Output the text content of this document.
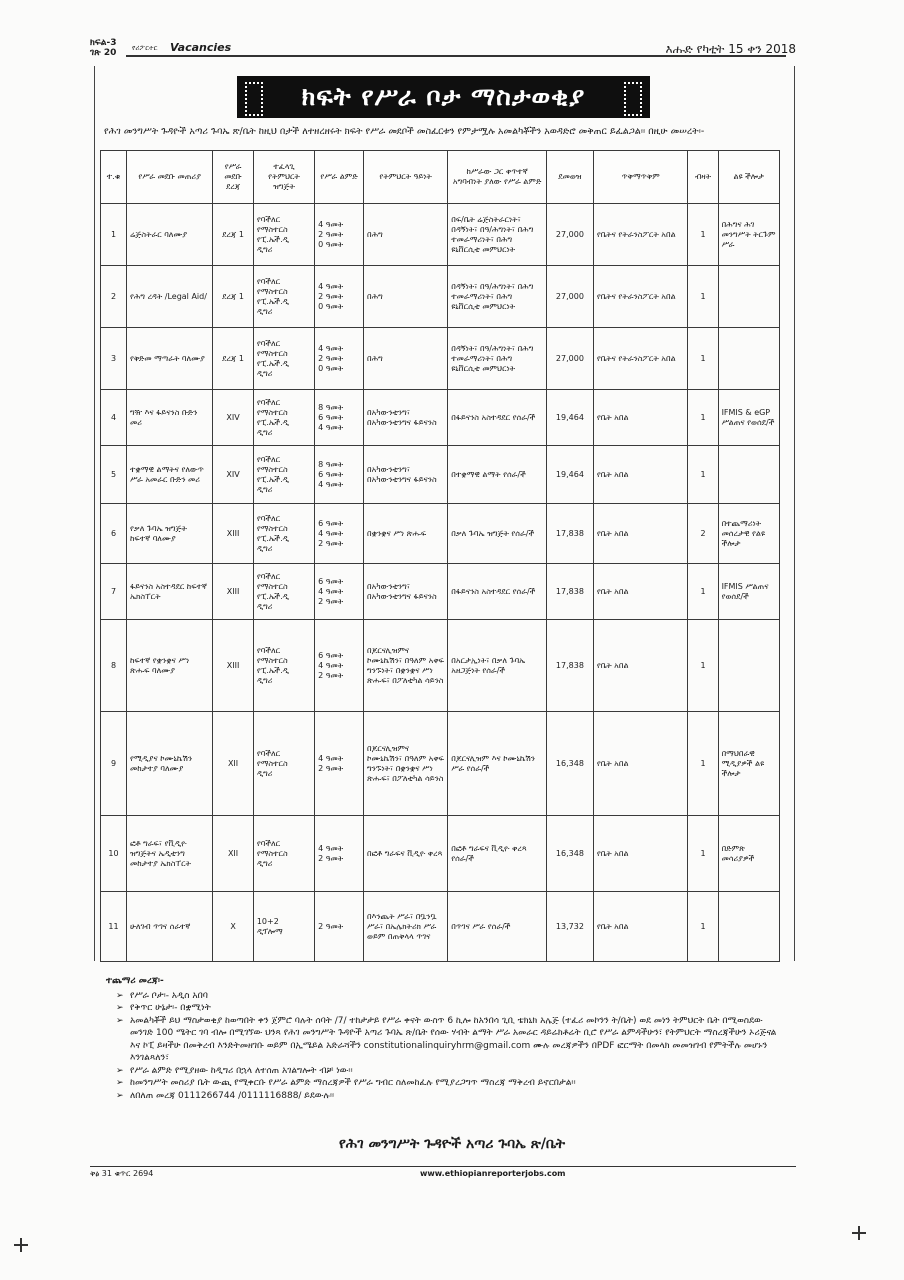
ክፍል-3
ገጽ 20 የሪፖርተር Vacancies	እሑድ የካቲት 15 ቀን 2018
ክፍት የሥራ ቦታ ማስታወቂያ
የሕገ መንግሥት ጉዳዮች አጣሪ ጉባኤ ጽ/ቤት ከዚህ በታች ለተዘረዘሩት ክፍት የሥራ መደቦች መስፈርቱን የምታሟሉ አመልካቾችን አወዳድሮ መቅጠር ይፈልጋል፡፡ በዚሁ መሠረት፡-
ተ.ቁ	የሥራ መደቡ መጠሪያ	የሥራ መደቡ ደረጃ	ተፈላጊ የትምህርት ዝግጅት	የሥራ ልምድ	የትምህርት ዓይነት	ከሥራው ጋር ቀጥተኛ አግባብነት ያለው የሥራ ልምድ	ደመወዝ	ጥቅማጥቅም	ብዛት	ልዩ ችሎታ
1	ሬጅስትራር ባለሙያ	ደረጃ 1	የባችለር
የማስተርስ
የፒ.ኤች.ዲ
ዲግሪ	4 ዓመት
2 ዓመት
0 ዓመት	በሕግ	በፍ/ቤት ሬጅስትራርነት፣ በዳኝነት፣ በዓ/ሕግነት፣ በሕግ ተመራማሪነት፣ በሕግ ዩኒቨርሲቲ መምህርነት	27,000	የቤትና የትራንስፖርት አበል	1	በሕግና ሕገ መንግሥት ትርጉም ሥራ
2	የሕግ ረዳት /Legal Aid/	ደረጃ 1	የባችለር
የማስተርስ
የፒ.ኤች.ዲ
ዲግሪ	4 ዓመት
2 ዓመት
0 ዓመት	በሕግ	በዳኝነት፣ በዓ/ሕግነት፣ በሕግ ተመራማሪነት፣ በሕግ ዩኒቨርሲቲ መምህርነት	27,000	የቤትና የትራንስፖርት አበል	1	
3	የቅድመ ማጣራት ባለሙያ	ደረጃ 1	የባችለር
የማስተርስ
የፒ.ኤች.ዲ
ዲግሪ	4 ዓመት
2 ዓመት
0 ዓመት	በሕግ	በዳኝነት፣ በዓ/ሕግነት፣ በሕግ ተመራማሪነት፣ በሕግ ዩኒቨርሲቲ መምህርነት	27,000	የቤትና የትራንስፖርት አበል	1	
4	ግዥ እና ፋይናንስ ቡድን መሪ	XIV	የባችለር
የማስተርስ
የፒ.ኤች.ዲ
ዲግሪ	8 ዓመት
6 ዓመት
4 ዓመት	በአካውንቲንግ፣ በአካውንቲንግና ፋይናንስ	በፋይናንስ አስተዳደር የሰራ/ች	19,464	የቤት አበል	1	IFMIS & eGP ሥልጠና የወሰደ/ች
5	ተቋማዊ ልማትና የለውጥ ሥራ አመራር ቡድን መሪ	XIV	የባችለር
የማስተርስ
የፒ.ኤች.ዲ
ዲግሪ	8 ዓመት
6 ዓመት
4 ዓመት	በአካውንቲንግ፣ በአካውንቲንግና ፋይናንስ	በተቋማዊ ልማት የሰራ/ች	19,464	የቤት አበል	1	
6	የቃለ ጉባኤ ዝግጅት ከፍተኛ ባለሙያ	XIII	የባችለር
የማስተርስ
የፒ.ኤች.ዲ
ዲግሪ	6 ዓመት
4 ዓመት
2 ዓመት	በቋንቋና ሥነ ጽሑፍ	በቃለ ጉባኤ ዝግጅት የሰራ/ች	17,838	የቤት አበል	2	በተጨማሪነት መሰረታዊ የልዩ ችሎታ
7	ፋይናንስ አስተዳደር ከፍተኛ ኤክስፐርት	XIII	የባችለር
የማስተርስ
የፒ.ኤች.ዲ
ዲግሪ	6 ዓመት
4 ዓመት
2 ዓመት	በአካውንቲንግ፣ በአካውንቲንግና ፋይናንስ	በፋይናንስ አስተዳደር የሰራ/ች	17,838	የቤት አበል	1	IFMIS ሥልጠና የወሰደ/ች
8	ከፍተኛ የቋንቋና ሥነ ጽሑፍ ባለሙያ	XIII	የባችለር
የማስተርስ
የፒ.ኤች.ዲ
ዲግሪ	6 ዓመት
4 ዓመት
2 ዓመት	በጆርናሊዝምና ኮሙኒኬሽን፣ በዓለም አቀፍ ግንኙነት፣ በቋንቋና ሥነ ጽሑፍ፣ በፖለቲካል ሳይንስ	በአርታኢነት፣ በቃለ ጉባኤ አዘጋጅነት የሰራ/ች	17,838	የቤት አበል	1	
9	የሚዲያና ኮሙኒኬሽን መከታተያ ባለሙያ	XII	የባችለር
የማስተርስ
ዲግሪ	4 ዓመት
2 ዓመት	በጆርናሊዝምና ኮሙኒኬሽን፣ በዓለም አቀፍ ግንኙነት፣ በቋንቋና ሥነ ጽሑፍ፣ በፖለቲካል ሳይንስ	በጆርናሊዝም እና ኮሙኒኬሽን ሥራ የሰራ/ች	16,348	የቤት አበል	1	በማህበራዊ ሚዲያዎች ልዩ ችሎታ
10	ፎቶ ግራፍ፣ የቪዲዮ ዝግጅትና ኤዲቲንግ መከታተያ ኤክስፐርት	XII	የባችለር
የማስተርስ
ዲግሪ	4 ዓመት
2 ዓመት	በፎቶ ግራፍና ቪዲዮ ቀረጻ	በፎቶ ግራፍና ቪዲዮ ቀረጻ የሰራ/ች	16,348	የቤት አበል	1	በድምጽ መሳሪያዎች
11	ሁለገብ ጥገና ሰራተኛ	X	10+2
ዲፕሎማ	2 ዓመት	በእንጨት ሥራ፣ በቧንቧ ሥራ፣ በኤሌክትሪክ ሥራ ወይም በጠቅላላ ጥገና	በጥገና ሥራ የሰራ/ች	13,732	የቤት አበል	1	
ተጨማሪ መረጃ፡-
➢ የሥራ ቦታ፡- አዲስ አበባ
➢ የቅጥር ሁኔታ፡- በቋሚነት
➢ አመልካቾች ይህ ማስታወቂያ ከወጣበት ቀን ጀምሮ ባሉት ሰባት /7/ ተከታታይ የሥራ ቀናት ውስጥ 6 ኪሎ ከአንበሳ ጊቢ ቴክኒክ አሌጅ (ተፈሪ መኮንን ት/ቤት) ወደ መነን ትምህርት ቤት በሚወስደው መንገድ 100 ሜትር ገባ ብሎ በሚገኘው ህንጻ የሕገ መንግሥት ጉዳዮች አጣሪ ጉባኤ ጽ/ቤት የሰው ሃብት ልማት ሥራ አመራር ዳይሬክቶሬት ቢሮ የሥራ ልምዳችሁን፣ የትምህርት ማስረጃችሁን ኦሪጅናል እና ኮፒ ይዛችሁ በመቅረብ እንድትመዘገቡ ወይም በኢሜይል አድራሻችን constitutionalinquiryhrm@gmail.com ሙሉ መረጃዎችን በPDF ፎርማት በመላክ መመዝገብ የምትችሉ መሆኑን እንገልጻለን፣
➢ የሥራ ልምድ የሚያዘው ከዲግሪ በኋላ ለተሰጠ አገልግሎት ብቻ ነው፡፡
➢ ከመንግሥት መስሪያ ቤት ውጪ የሚቀርቡ የሥራ ልምድ ማስረጃዎች የሥራ ግብር ስለመከፈሉ የሚያረጋግጥ ማስረጃ ማቅረብ ይኖርበታል፡፡
➢ ለበለጠ መረጃ 0111266744 /0111116888/ ይደውሉ፡፡
የሕገ መንግሥት ጉዳዮች አጣሪ ጉባኤ ጽ/ቤት
ቅፅ 31 ቁጥር 2694	www.ethiopianreporterjobs.com
